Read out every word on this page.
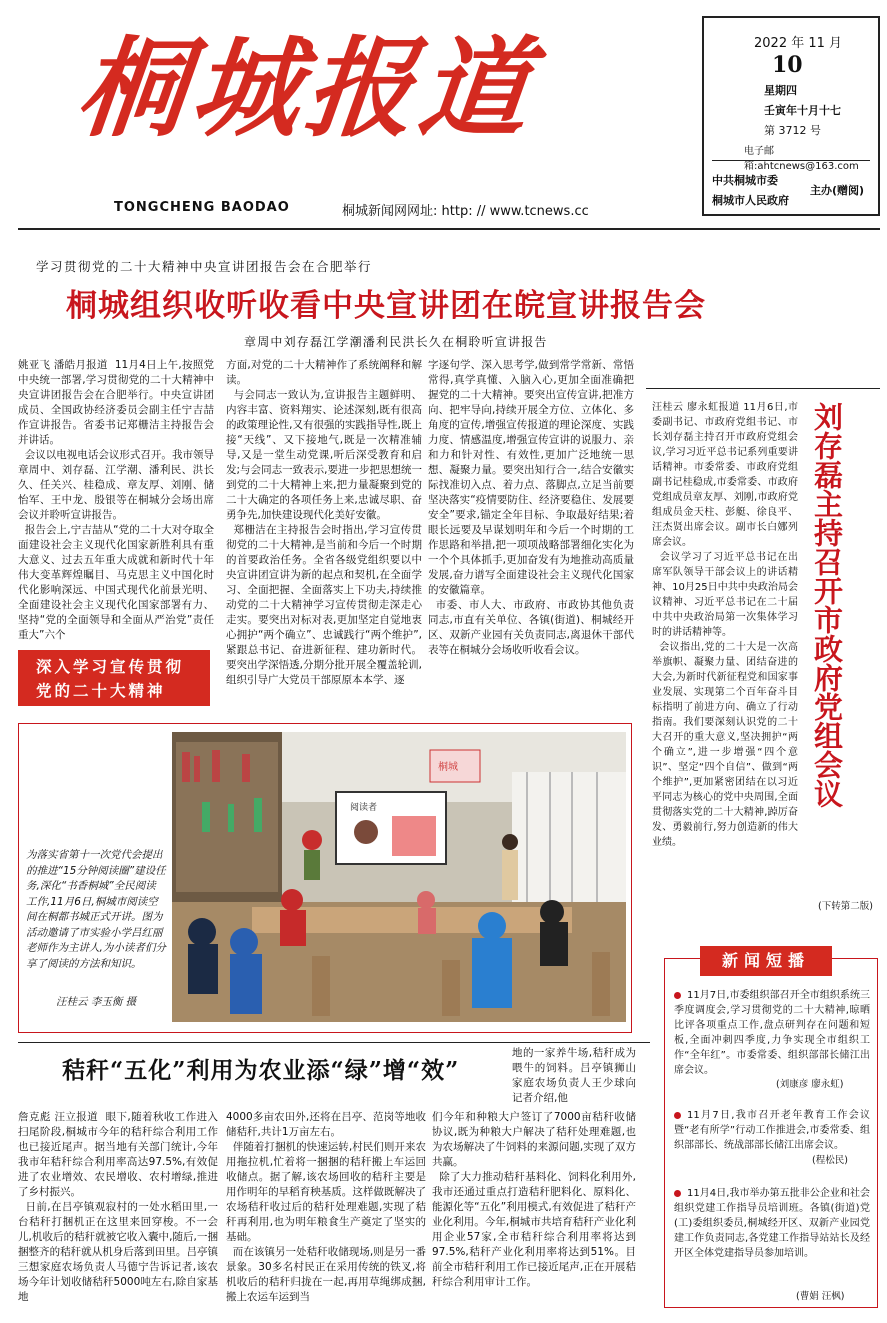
桐城报道
TONGCHENG BAODAO	桐城新闻网网址: http: // www.tcnews.cc
2022 年 11 月
10
星期四
壬寅年十月十七
第 3712 号
电子邮箱:ahtcnews@163.com
中共桐城市委
桐城市人民政府
主办(赠阅)
学习贯彻党的二十大精神中央宣讲团报告会在合肥举行
桐城组织收听收看中央宣讲团在皖宣讲报告会
章周中刘存磊江学潮潘利民洪长久在桐聆听宣讲报告
姚亚飞 潘皓月报道  11月4日上午,按照党中央统一部署,学习贯彻党的二十大精神中央宣讲团报告会在合肥举行。中央宣讲团成员、全国政协经济委员会副主任宁吉喆作宣讲报告。省委书记郑栅洁主持报告会并讲话。
会议以电视电话会议形式召开。我市领导章周中、刘存磊、江学潮、潘利民、洪长久、任关兴、桂稳成、章友厚、刘刚、储怡军、王中龙、殷银等在桐城分会场出席会议并聆听宣讲报告。
报告会上,宁吉喆从“党的二十大对夺取全面建设社会主义现代化国家新胜利具有重大意义、过去五年重大成就和新时代十年伟大变革辉煌瞩目、马克思主义中国化时代化影响深远、中国式现代化前景光明、全面建设社会主义现代化国家部署有力、坚持“党的全面领导和全面从严治党”责任重大”六个
方面,对党的二十大精神作了系统阐释和解读。
与会同志一致认为,宣讲报告主题鲜明、内容丰富、资料翔实、论述深刻,既有很高的政策理论性,又有很强的实践指导性,既上接“天线”、又下接地气,既是一次精准辅导,又是一堂生动党课,听后深受教育和启发;与会同志一致表示,要进一步把思想统一到党的二十大精神上来,把力量凝聚到党的二十大确定的各项任务上来,忠诚尽职、奋勇争先,加快建设现代化美好安徽。
郑栅洁在主持报告会时指出,学习宣传贯彻党的二十大精神,是当前和今后一个时期的首要政治任务。全省各级党组织要以中央宣讲团宣讲为新的起点和契机,在全面学习、全面把握、全面落实上下功夫,持续推动党的二十大精神学习宣传贯彻走深走心走实。要突出对标对表,更加坚定自觉地衷心拥护“两个确立”、忠诚践行“两个维护”,紧跟总书记、奋进新征程、建功新时代。要突出学深悟透,分期分批开展全覆盖轮训,组织引导广大党员干部原原本本学、逐
字逐句学、深入思考学,做到常学常新、常悟常得,真学真懂、入脑入心,更加全面准确把握党的二十大精神。要突出宣传宣讲,把准方向、把牢导向,持续开展全方位、立体化、多角度的宣传,增强宣传报道的理论深度、实践力度、情感温度,增强宣传宣讲的说服力、亲和力和针对性、有效性,更加广泛地统一思想、凝聚力量。要突出知行合一,结合安徽实际找准切入点、着力点、落脚点,立足当前要坚决落实“疫情要防住、经济要稳住、发展要安全”要求,锚定全年目标、争取最好结果;着眼长远要及早谋划明年和今后一个时期的工作思路和举措,把一项项战略部署细化实化为一个个具体抓手,更加奋发有为地推动高质量发展,奋力谱写全面建设社会主义现代化国家的安徽篇章。
市委、市人大、市政府、市政协其他负责同志,市直有关单位、各镇(街道)、桐城经开区、双新产业园有关负责同志,离退休干部代表等在桐城分会场收听收看会议。
深入学习宣传贯彻党的二十大精神	刘存磊主持召开市政府党组会议
汪桂云 廖永虹报道 11月6日,市委副书记、市政府党组书记、市长刘存磊主持召开市政府党组会议,学习习近平总书记系列重要讲话精神。市委常委、市政府党组副书记桂稳成,市委常委、市政府党组成员章友厚、刘刚,市政府党组成员金天柱、彭艇、徐良平、汪杰贤出席会议。副市长白娜列席会议。
会议学习了习近平总书记在出席军队领导干部会议上的讲话精神、10月25日中共中央政治局会议精神、习近平总书记在二十届中共中央政治局第一次集体学习时的讲话精神等。
会议指出,党的二十大是一次高举旗帜、凝聚力量、团结奋进的大会,为新时代新征程党和国家事业发展、实现第二个百年奋斗目标指明了前进方向、确立了行动指南。我们要深刻认识党的二十大召开的重大意义,坚决拥护“两个确立”,进一步增强“四个意识”、坚定“四个自信”、做到“两个维护”,更加紧密团结在以习近平同志为核心的党中央周围,全面贯彻落实党的二十大精神,踔厉奋发、勇毅前行,努力创造新的伟大业绩。
(下转第二版)
为落实省第十一次党代会提出的推进“15分钟阅读圈”建设任务,深化“书香桐城”全民阅读工作,11月6日,桐城市阅读空间在桐都书城正式开讲。图为活动邀请了市实验小学吕红丽老师作为主讲人,为小读者们分享了阅读的方法和知识。
汪桂云 李玉衡 摄
阅读者
桐城
秸秆“五化”利用为农业添“绿”增“效”
地的一家养牛场,秸秆成为喂牛的饲料。吕亭镇狮山家庭农场负责人王少球向记者介绍,他
詹克彪 汪立报道  眼下,随着秋收工作进入扫尾阶段,桐城市今年的秸秆综合利用工作也已接近尾声。据当地有关部门统计,今年我市年秸秆综合利用率高达97.5%,有效促进了农业增效、农民增收、农村增绿,推进了乡村振兴。
日前,在吕亭镇观寂村的一处水稻田里,一台秸秆打捆机正在这里来回穿梭。不一会儿,机收后的秸秆就被它收入囊中,随后,一捆捆整齐的秸秆就从机身后落到田里。吕亭镇三想家庭农场负责人马德宁告诉记者,该农场今年计划收储秸秆5000吨左右,除自家基地
4000多亩农田外,还将在吕亭、范岗等地收储秸秆,共计1万亩左右。
伴随着打捆机的快速运转,村民们则开来农用拖拉机,忙着将一捆捆的秸秆搬上车运回收储点。据了解,该农场回收的秸秆主要是用作明年的早稻育秧基质。这样做既解决了农场秸秆收过后的秸秆处理难题,实现了秸秆再利用,也为明年粮食生产奠定了坚实的基础。
而在该镇另一处秸秆收储现场,则是另一番景象。30多名村民正在采用传统的铁叉,将机收后的秸秆归拢在一起,再用草绳绑成捆,搬上农运车运到当
们今年和种粮大户签订了7000亩秸秆收储协议,既为种粮大户解决了秸秆处理难题,也为农场解决了牛饲料的来源问题,实现了双方共赢。
除了大力推动秸秆基料化、饲料化利用外,我市还通过重点打造秸秆肥料化、原料化、能源化等“五化”利用模式,有效促进了秸秆产业化利用。今年,桐城市共培育秸秆产业化利用企业57家,全市秸秆综合利用率将达到97.5%,秸秆产业化利用率将达到51%。目前全市秸秆利用工作已接近尾声,正在开展秸秆综合利用审计工作。
新闻短播
11月7日,市委组织部召开全市组织系统三季度调度会,学习贯彻党的二十大精神,晾晒比评各项重点工作,盘点研判存在问题和短板,全面冲刺四季度,力争实现全市组织工作“全年红”。市委常委、组织部部长储江出席会议。
(刘康彦 廖永虹)
11月7日,我市召开老年教育工作会议暨“老有所学”行动工作推进会,市委常委、组织部部长、统战部部长储江出席会议。
(程松民)
11月4日,我市举办第五批非公企业和社会组织党建工作指导员培训班。各镇(街道)党(工)委组织委员,桐城经开区、双新产业园党建工作负责同志,各党建工作指导站站长及经开区全体党建指导员参加培训。
(曹娟 汪枫)
